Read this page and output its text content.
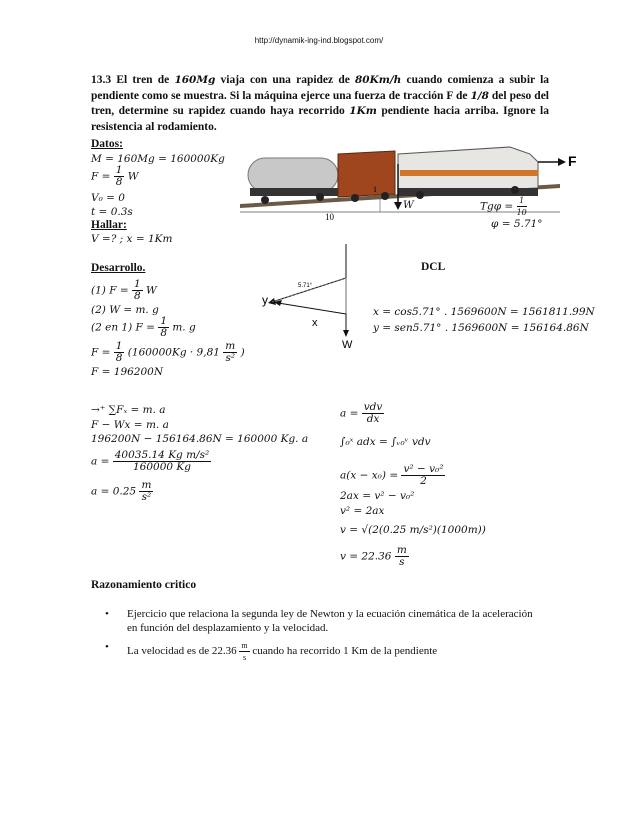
http://dynamik-ing-ind.blogspot.com/
13.3 El tren de 160Mg viaja con una rapidez de 80Km/h cuando comienza a subir la pendiente como se muestra. Si la máquina ejerce una fuerza de tracción F de 1/8 del peso del tren, determine su rapidez cuando haya recorrido 1Km pendiente hacia arriba. Ignore la resistencia al rodamiento.
Datos:
M = 160Mg = 160000Kg
$F = \frac{1}{8}$ W
V₀ = 0
t = 0.3s
Hallar:
V =? ; x = 1Km
F
10
1
W	$Tg\varphi = \frac{1}{10}$
φ = 5.71°
Desarrollo.	DCL
5.71°
y
x
W
(1) $F = \frac{1}{8}$ W
(2) W = m. g
(2 en 1) $F = \frac{1}{8} m$. g
$F = \frac{1}{8} (160000Kg \cdot 9,81 \frac{m}{\text{s²}}$ )
F = 196200N
x = cos5.71° . 1569600N = 1561811.99N
y = sen5.71° . 1569600N = 156164.86N
→⁺ ∑Fₓ = m. a
F − Wx = m. a
196200N − 156164.86N = 160000 Kg. a
$a = \frac{\text{40035.14 Kg m/s²}}{160000 Kg}$
$a = 0.25 \frac{m}{\text{s²}}$
$a = \frac{\text{vdv}}{dx}$
∫₀ˣ adx = ∫ᵥ₀ᵛ vdv
$a(x - x_0) = \frac{\text{v² − v₀²}}{2}$
2ax = v² − v₀²
v² = 2ax
v = √(2(0.25 m/s²)(1000m))
$v = 22.36 \frac{m}{s}$
Razonamiento critico
• Ejercicio que relaciona la segunda ley de Newton y la ecuación cinemática de la aceleración en función del desplazamiento y la velocidad.
• La velocidad es de $22.36 \frac{m}{s}$ cuando ha recorrido 1 Km de la pendiente
